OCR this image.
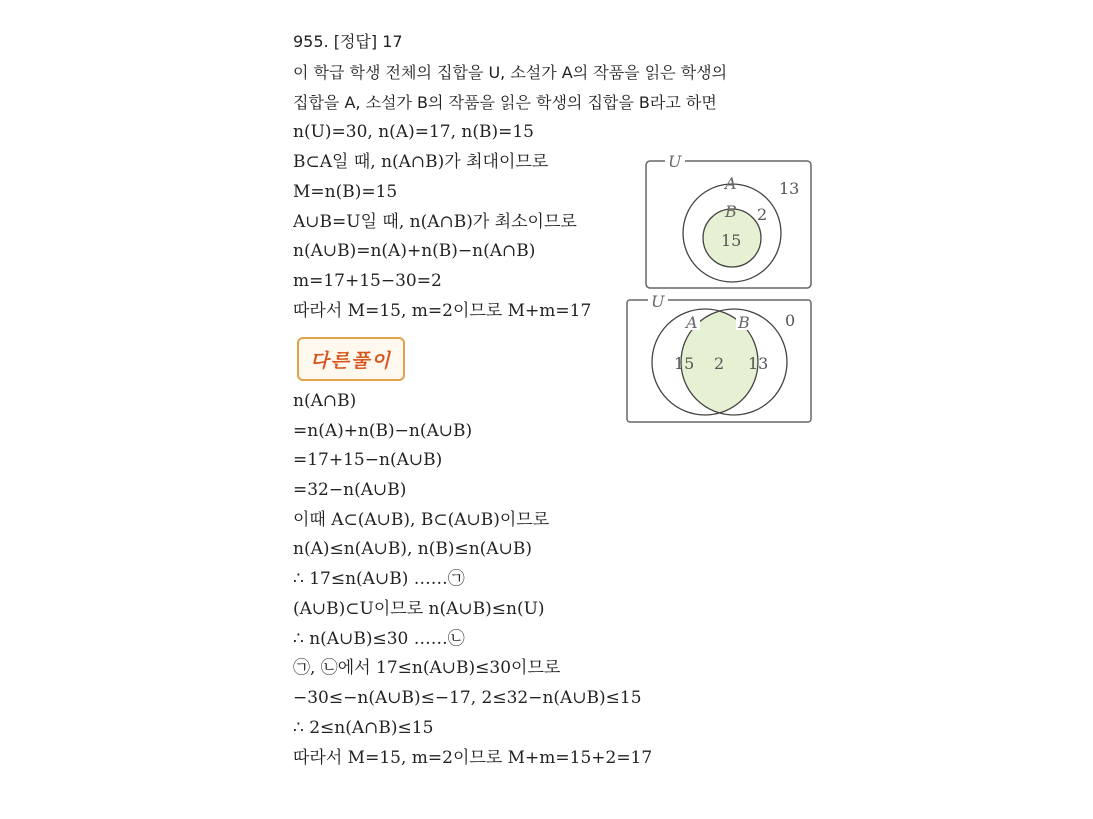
955. [정답] 17
이 학급 학생 전체의 집합을 U, 소설가 A의 작품을 읽은 학생의
집합을 A, 소설가 B의 작품을 읽은 학생의 집합을 B라고 하면
n(U)=30, n(A)=17, n(B)=15
B⊂A일 때, n(A∩B)가 최대이므로
M=n(B)=15
A∪B=U일 때, n(A∩B)가 최소이므로
n(A∪B)=n(A)+n(B)−n(A∩B)
m=17+15−30=2
따라서 M=15, m=2이므로 M+m=17
다른풀이
n(A∩B)
=n(A)+n(B)−n(A∪B)
=17+15−n(A∪B)
=32−n(A∪B)
이때 A⊂(A∪B), B⊂(A∪B)이므로
n(A)≤n(A∪B), n(B)≤n(A∪B)
∴ 17≤n(A∪B) ……㉠
(A∪B)⊂U이므로 n(A∪B)≤n(U)
∴ n(A∪B)≤30 ……㉡
㉠, ㉡에서 17≤n(A∪B)≤30이므로
−30≤−n(A∪B)≤−17, 2≤32−n(A∪B)≤15
∴ 2≤n(A∩B)≤15
따라서 M=15, m=2이므로 M+m=15+2=17
U
A
B
13
2
15
U
A	B 0
15 2 13
